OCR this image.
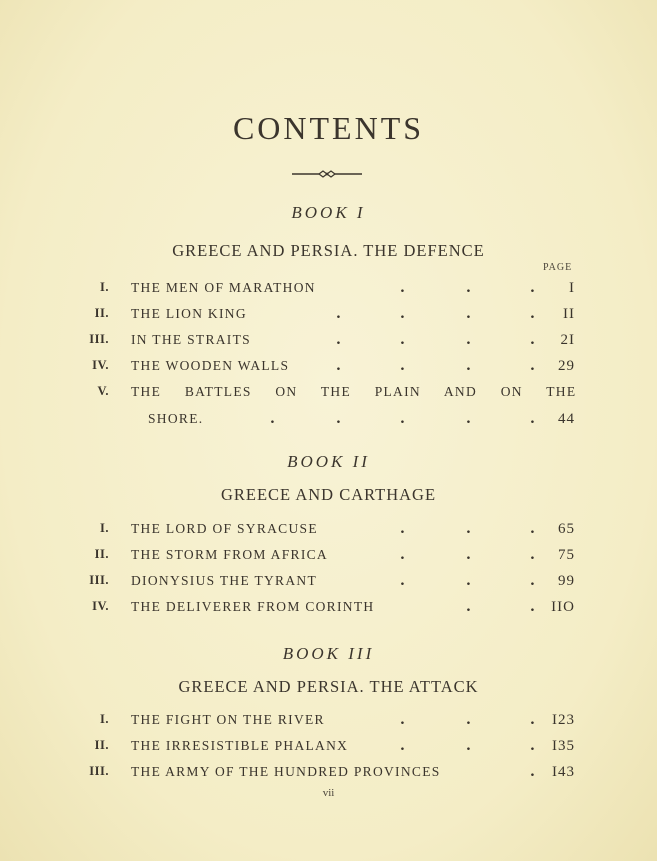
CONTENTS
BOOK I
GREECE AND PERSIA. THE DEFENCE
PAGE
I. THE MEN OF MARATHON	.	.	. I
II. THE LION KING	.	.	.	. II
III. IN THE STRAITS	.	.	.	. 2I
IV. THE WOODEN WALLS	.	.	.	. 29
V. THE BATTLES ON THE PLAIN AND ON THE
SHORE.	.	.	.	.	. 44
BOOK II
GREECE AND CARTHAGE
I. THE LORD OF SYRACUSE	.	.	. 65
II. THE STORM FROM AFRICA	.	.	. 75
III. DIONYSIUS THE TYRANT	.	.	. 99
IV. THE DELIVERER FROM CORINTH	.	. IIO
BOOK III
GREECE AND PERSIA. THE ATTACK
I. THE FIGHT ON THE RIVER	.	.	. I23
II. THE IRRESISTIBLE PHALANX	.	.	. I35
III. THE ARMY OF THE HUNDRED PROVINCES	. I43
vii
